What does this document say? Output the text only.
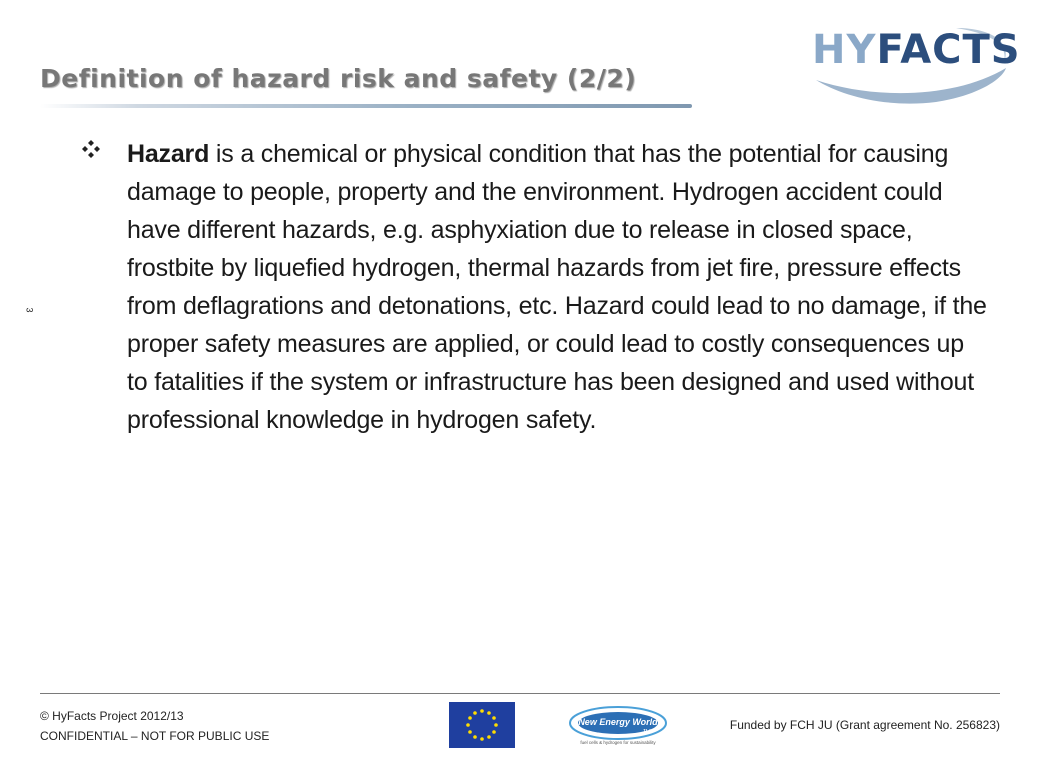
Definition of hazard risk and safety (2/2)
HYFACTS
3
Hazard is a chemical or physical condition that has the potential for causing damage to people, property and the environment. Hydrogen accident could have different hazards, e.g. asphyxiation due to release in closed space, frostbite by liquefied hydrogen, thermal hazards from jet fire, pressure effects from deflagrations and detonations, etc. Hazard could lead to no damage, if the proper safety measures are applied, or could lead to costly consequences up to fatalities if the system or infrastructure has been designed and used without professional knowledge in hydrogen safety.
© HyFacts Project 2012/13
CONFIDENTIAL – NOT FOR PUBLIC USE
New Energy World
JU
fuel cells & hydrogen for sustainability
Funded by FCH JU (Grant agreement No. 256823)
